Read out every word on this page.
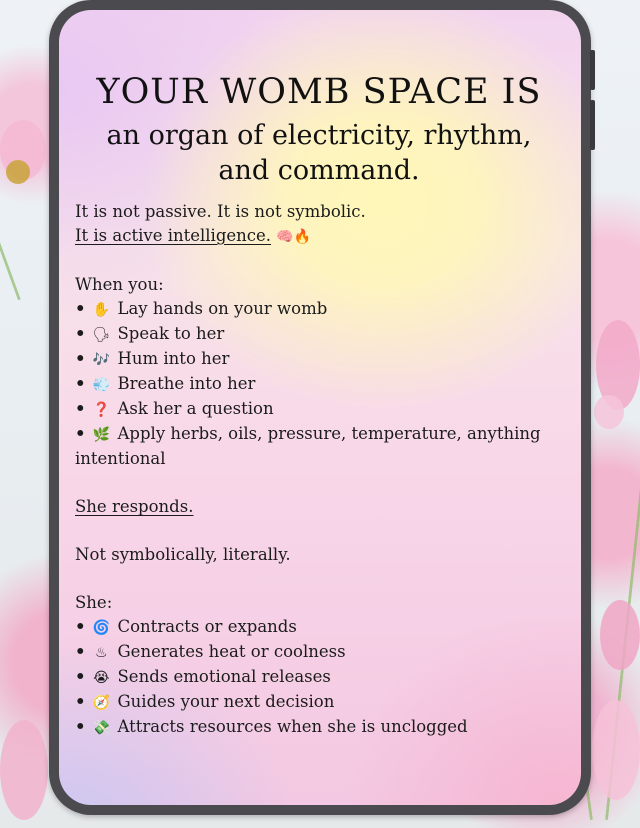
YOUR WOMB SPACE IS
an organ of electricity, rhythm,
and command.
It is not passive. It is not symbolic.
It is active intelligence. 🧠🔥
When you:
• ✋ Lay hands on your womb
• 🗣 Speak to her
• 🎶 Hum into her
• 💨 Breathe into her
• ❓ Ask her a question
• 🌿 Apply herbs, oils, pressure, temperature, anything
intentional
She responds.
Not symbolically, literally.
She:
• 🌀 Contracts or expands
• ♨ Generates heat or coolness
• 😭 Sends emotional releases
• 🧭 Guides your next decision
• 💸 Attracts resources when she is unclogged
